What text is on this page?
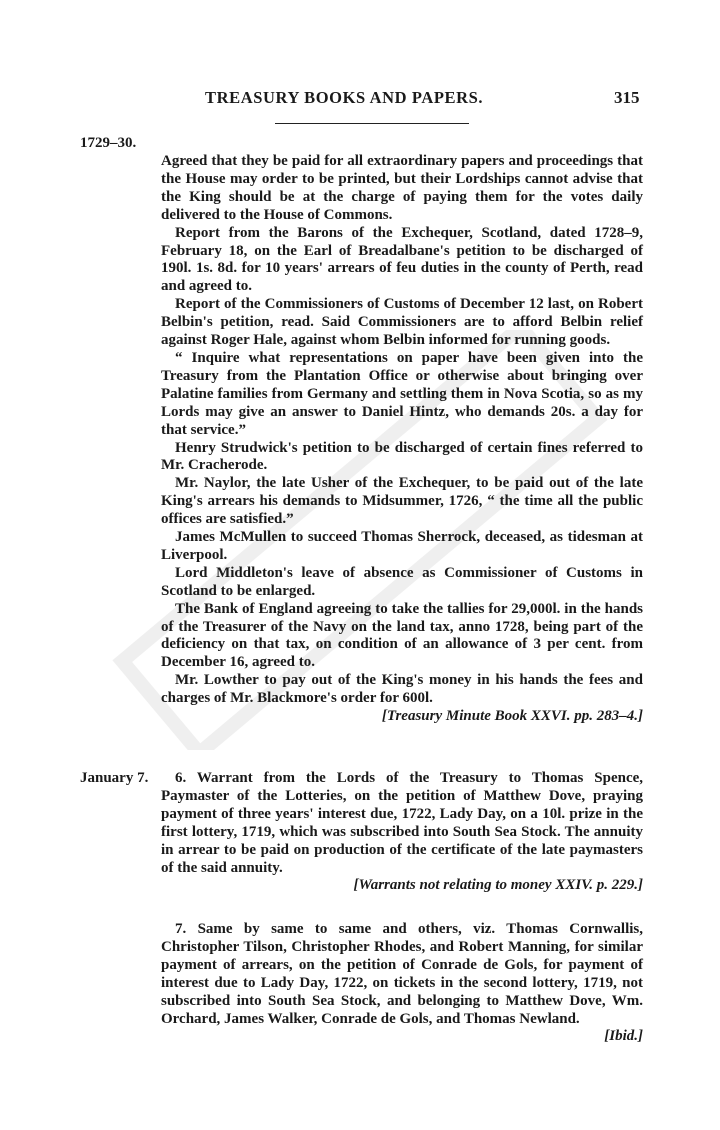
TREASURY BOOKS AND PAPERS.	315
1729–30.

Agreed that they be paid for all extraordinary papers and proceedings that the House may order to be printed, but their Lordships cannot advise that the King should be at the charge of paying them for the votes daily delivered to the House of Commons.

Report from the Barons of the Exchequer, Scotland, dated 1728–9, February 18, on the Earl of Breadalbane's petition to be discharged of 190l. 1s. 8d. for 10 years' arrears of feu duties in the county of Perth, read and agreed to.

Report of the Commissioners of Customs of December 12 last, on Robert Belbin's petition, read. Said Commissioners are to afford Belbin relief against Roger Hale, against whom Belbin informed for running goods.

“ Inquire what representations on paper have been given into the Treasury from the Plantation Office or otherwise about bringing over Palatine families from Germany and settling them in Nova Scotia, so as my Lords may give an answer to Daniel Hintz, who demands 20s. a day for that service.”

Henry Strudwick's petition to be discharged of certain fines referred to Mr. Cracherode.

Mr. Naylor, the late Usher of the Exchequer, to be paid out of the late King's arrears his demands to Midsummer, 1726, “ the time all the public offices are satisfied.”

James McMullen to succeed Thomas Sherrock, deceased, as tidesman at Liverpool.

Lord Middleton's leave of absence as Commissioner of Customs in Scotland to be enlarged.

The Bank of England agreeing to take the tallies for 29,000l. in the hands of the Treasurer of the Navy on the land tax, anno 1728, being part of the deficiency on that tax, on condition of an allowance of 3 per cent. from December 16, agreed to.

Mr. Lowther to pay out of the King's money in his hands the fees and charges of Mr. Blackmore's order for 600l.

[Treasury Minute Book XXVI. pp. 283–4.]

January 7.	6. Warrant from the Lords of the Treasury to Thomas Spence, Paymaster of the Lotteries, on the petition of Matthew Dove, praying payment of three years' interest due, 1722, Lady Day, on a 10l. prize in the first lottery, 1719, which was subscribed into South Sea Stock. The annuity in arrear to be paid on production of the certificate of the late paymasters of the said annuity.

[Warrants not relating to money XXIV. p. 229.]

7. Same by same to same and others, viz. Thomas Cornwallis, Christopher Tilson, Christopher Rhodes, and Robert Manning, for similar payment of arrears, on the petition of Conrade de Gols, for payment of interest due to Lady Day, 1722, on tickets in the second lottery, 1719, not subscribed into South Sea Stock, and belonging to Matthew Dove, Wm. Orchard, James Walker, Conrade de Gols, and Thomas Newland.

[Ibid.]
